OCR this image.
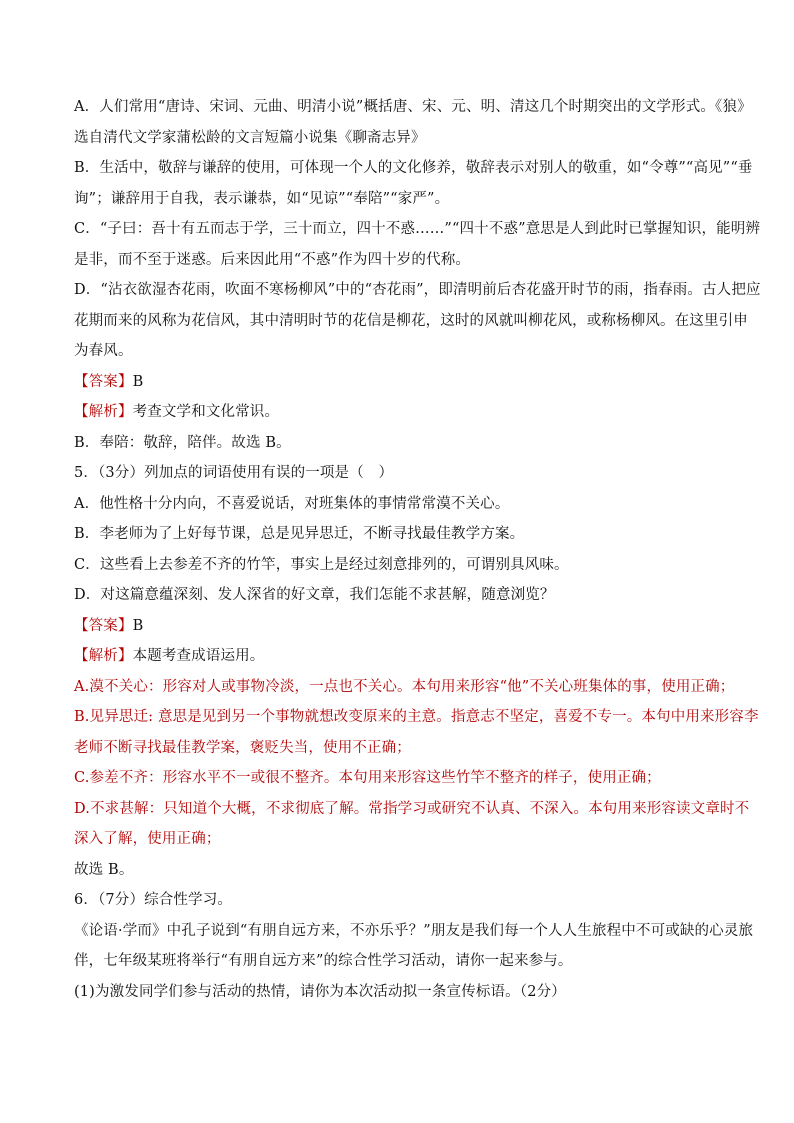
A．人们常用“唐诗、宋词、元曲、明清小说”概括唐、宋、元、明、清这几个时期突出的文学形式。《狼》
选自清代文学家蒲松龄的文言短篇小说集《聊斋志异》
B．生活中，敬辞与谦辞的使用，可体现一个人的文化修养，敬辞表示对别人的敬重，如“令尊”“高见”“垂
询”；谦辞用于自我，表示谦恭，如“见谅”“奉陪”“家严”。
C．“子曰：吾十有五而志于学，三十而立，四十不惑……”“四十不惑”意思是人到此时已掌握知识，能明辨
是非，而不至于迷惑。后来因此用“不惑”作为四十岁的代称。
D．“沾衣欲湿杏花雨，吹面不寒杨柳风”中的“杏花雨”，即清明前后杏花盛开时节的雨，指春雨。古人把应
花期而来的风称为花信风，其中清明时节的花信是柳花，这时的风就叫柳花风，或称杨柳风。在这里引申
为春风。
【答案】B
【解析】考查文学和文化常识。
B．奉陪：敬辞，陪伴。故选 B。
5．（3分）列加点的词语使用有误的一项是（　）
A．他性格十分内向，不喜爱说话，对班集体的事情常常漠不关心。
B．李老师为了上好每节课，总是见异思迁，不断寻找最佳教学方案。
C．这些看上去参差不齐的竹竿，事实上是经过刻意排列的，可谓别具风味。
D．对这篇意蕴深刻、发人深省的好文章，我们怎能不求甚解，随意浏览？
【答案】B
【解析】本题考查成语运用。
A.漠不关心：形容对人或事物冷淡，一点也不关心。本句用来形容“他”不关心班集体的事，使用正确；
B.见异思迁: 意思是见到另一个事物就想改变原来的主意。指意志不坚定，喜爱不专一。本句中用来形容李
老师不断寻找最佳教学案，褒贬失当，使用不正确；
C.参差不齐：形容水平不一或很不整齐。本句用来形容这些竹竿不整齐的样子，使用正确；
D.不求甚解：只知道个大概，不求彻底了解。常指学习或研究不认真、不深入。本句用来形容读文章时不
深入了解，使用正确；
故选 B。
6．（7分）综合性学习。
《论语·学而》中孔子说到“有朋自远方来，不亦乐乎？”朋友是我们每一个人人生旅程中不可或缺的心灵旅
伴，七年级某班将举行“有朋自远方来”的综合性学习活动，请你一起来参与。
(1)为激发同学们参与活动的热情，请你为本次活动拟一条宣传标语。（2分）
